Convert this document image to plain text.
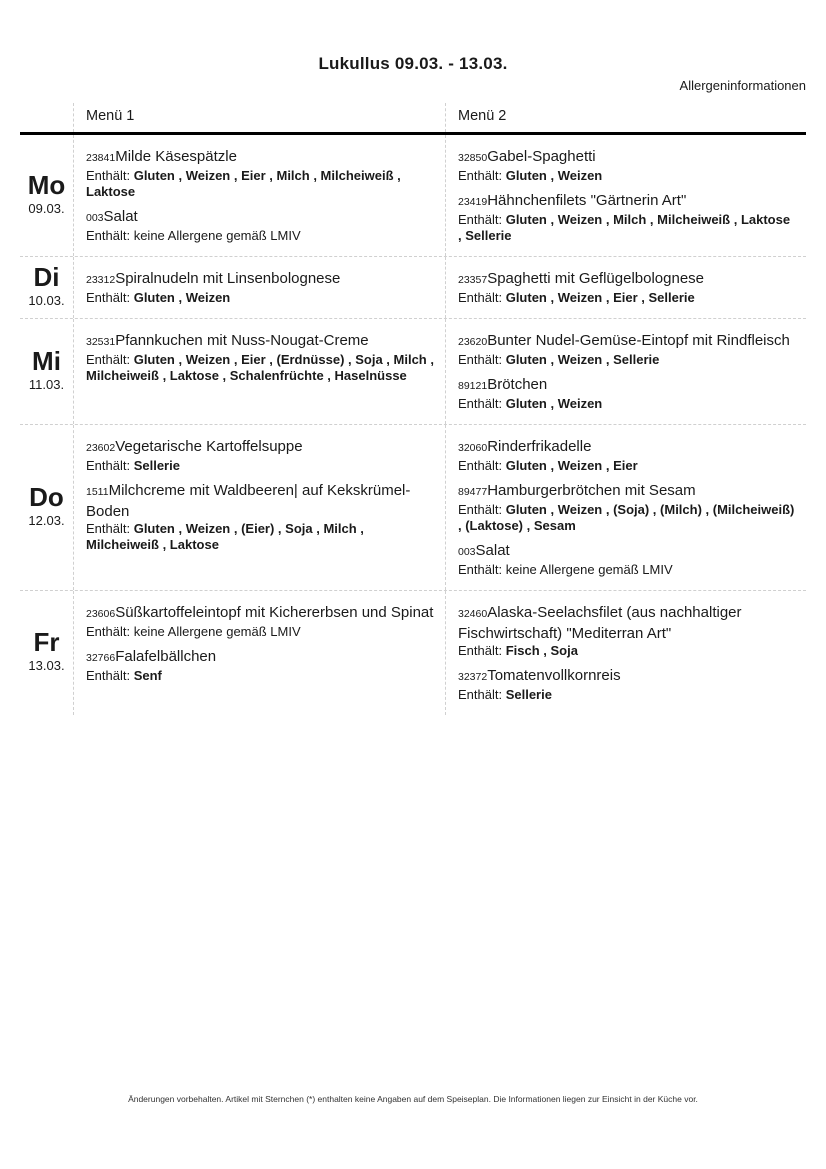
Lukullus 09.03. - 13.03.
Allergeninformationen
Menü 1	Menü 2
Mo
09.03.
23841Milde Käsespätzle
Enthält: Gluten , Weizen , Eier , Milch , Milcheiweiß , Laktose
003Salat
Enthält: keine Allergene gemäß LMIV
32850Gabel-Spaghetti
Enthält: Gluten , Weizen
23419Hähnchenfilets "Gärtnerin Art"
Enthält: Gluten , Weizen , Milch , Milcheiweiß , Laktose , Sellerie
Di
10.03.
23312Spiralnudeln mit Linsenbolognese
Enthält: Gluten , Weizen
23357Spaghetti mit Geflügelbolognese
Enthält: Gluten , Weizen , Eier , Sellerie
Mi
11.03.
32531Pfannkuchen mit Nuss-Nougat-Creme
Enthält: Gluten , Weizen , Eier , (Erdnüsse) , Soja , Milch , Milcheiweiß , Laktose , Schalenfrüchte , Haselnüsse
23620Bunter Nudel-Gemüse-Eintopf mit Rindfleisch
Enthält: Gluten , Weizen , Sellerie
89121Brötchen
Enthält: Gluten , Weizen
Do
12.03.
23602Vegetarische Kartoffelsuppe
Enthält: Sellerie
1511Milchcreme mit Waldbeeren| auf Kekskrümel-Boden
Enthält: Gluten , Weizen , (Eier) , Soja , Milch , Milcheiweiß , Laktose
32060Rinderfrikadelle
Enthält: Gluten , Weizen , Eier
89477Hamburgerbrötchen mit Sesam
Enthält: Gluten , Weizen , (Soja) , (Milch) , (Milcheiweiß) , (Laktose) , Sesam
003Salat
Enthält: keine Allergene gemäß LMIV
Fr
13.03.
23606Süßkartoffeleintopf mit Kichererbsen und Spinat
Enthält: keine Allergene gemäß LMIV
32766Falafelbällchen
Enthält: Senf
32460Alaska-Seelachsfilet (aus nachhaltiger Fischwirtschaft) "Mediterran Art"
Enthält: Fisch , Soja
32372Tomatenvollkornreis
Enthält: Sellerie
Änderungen vorbehalten. Artikel mit Sternchen (*) enthalten keine Angaben auf dem Speiseplan. Die Informationen liegen zur Einsicht in der Küche vor.
